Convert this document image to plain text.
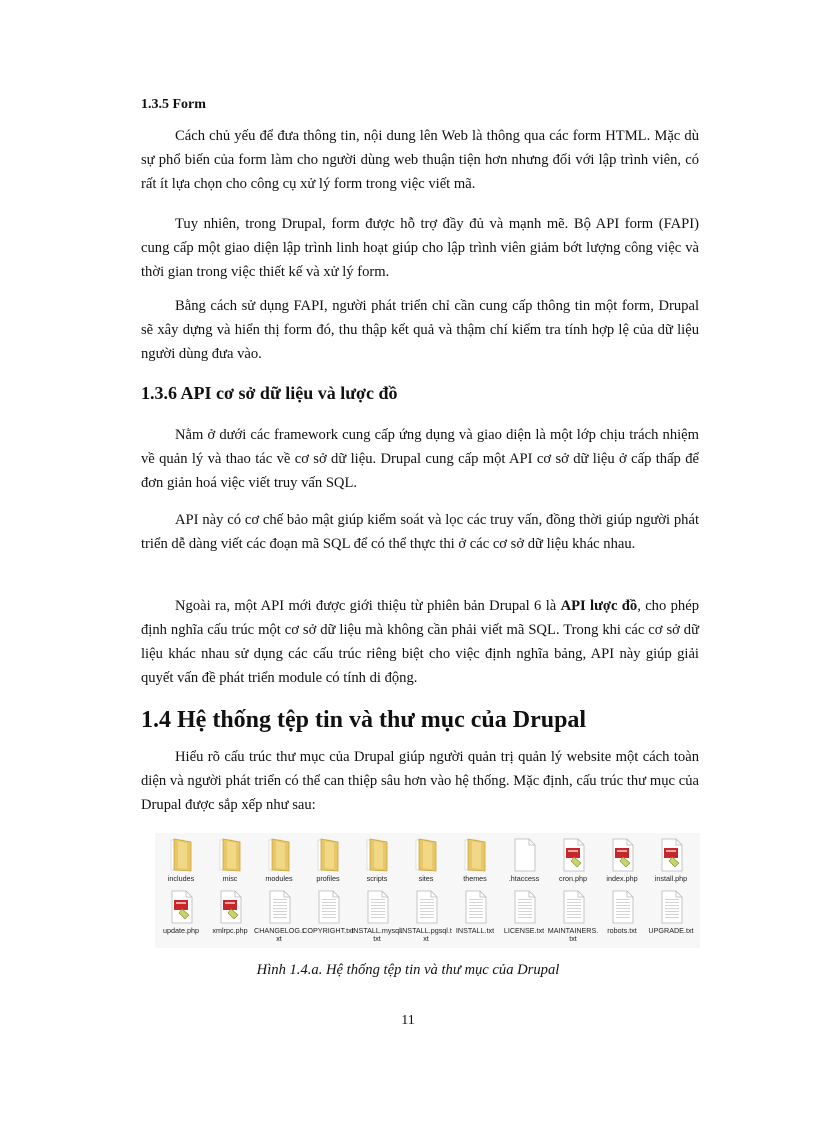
1.3.5 Form

Cách chủ yếu để đưa thông tin, nội dung lên Web là thông qua các form HTML. Mặc dù sự phổ biến của form làm cho người dùng web thuận tiện hơn nhưng đối với lập trình viên, có rất ít lựa chọn cho công cụ xử lý form trong việc viết mã.

Tuy nhiên, trong Drupal, form được hỗ trợ đầy đủ và mạnh mẽ. Bộ API form (FAPI) cung cấp một giao diện lập trình linh hoạt giúp cho lập trình viên giảm bớt lượng công việc và thời gian trong việc thiết kế và xử lý form.

Bằng cách sử dụng FAPI, người phát triển chỉ cần cung cấp thông tin một form, Drupal sẽ xây dựng và hiển thị form đó, thu thập kết quả và thậm chí kiểm tra tính hợp lệ của dữ liệu người dùng đưa vào.

1.3.6 API cơ sở dữ liệu và lược đồ

Nằm ở dưới các framework cung cấp ứng dụng và giao diện là một lớp chịu trách nhiệm về quản lý và thao tác về cơ sở dữ liệu. Drupal cung cấp một API cơ sở dữ liệu ở cấp thấp để đơn giản hoá việc viết truy vấn SQL.

API này có cơ chế bảo mật giúp kiểm soát và lọc các truy vấn, đồng thời giúp người phát triển dễ dàng viết các đoạn mã SQL để có thể thực thi ở các cơ sở dữ liệu khác nhau.

Ngoài ra, một API mới được giới thiệu từ phiên bản Drupal 6 là API lược đồ, cho phép định nghĩa cấu trúc một cơ sở dữ liệu mà không cần phải viết mã SQL. Trong khi các cơ sở dữ liệu khác nhau sử dụng các cấu trúc riêng biệt cho việc định nghĩa bảng, API này giúp giải quyết vấn đề phát triển module có tính di động.

1.4 Hệ thống tệp tin và thư mục của Drupal

Hiểu rõ cấu trúc thư mục của Drupal giúp người quản trị quản lý website một cách toàn diện và người phát triển có thể can thiệp sâu hơn vào hệ thống. Mặc định, cấu trúc thư mục của Drupal được sắp xếp như sau:

includes	misc	modules	profiles	scripts	sites	themes	.htaccess	cron.php	index.php	install.php
update.php	xmlrpc.php CHANGELOG.txt
COPYRIGHT.txt
INSTALL.mysql.txt
INSTALL.pgsql.txt
INSTALL.txt	LICENSE.txt MAINTAINERS.txt
robots.txt	UPGRADE.txt
Hình 1.4.a. Hệ thống tệp tin và thư mục của Drupal
11
